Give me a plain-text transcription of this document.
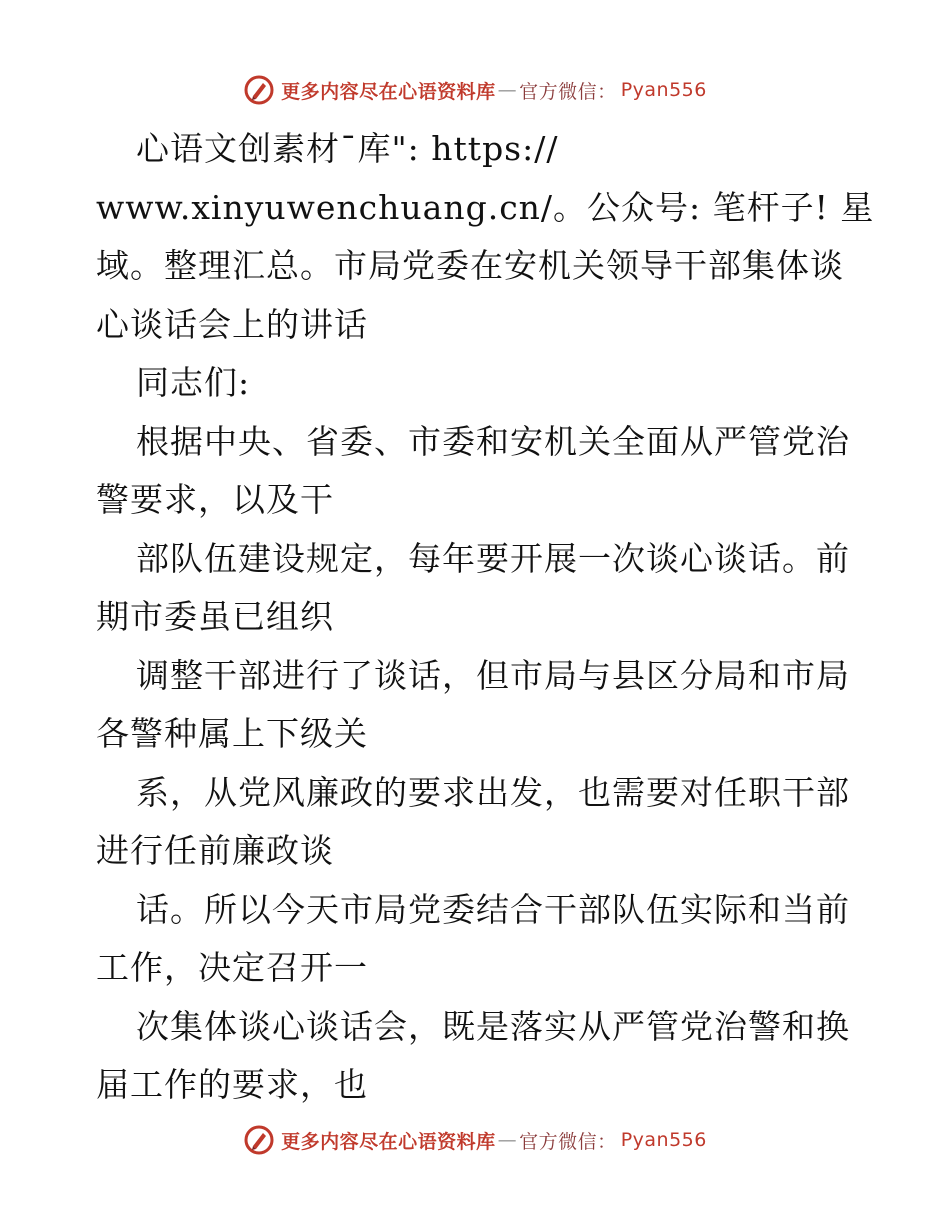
更多内容尽在心语资料库 — 官方微信： Pyan556
心语文创素材¯库": https://
www.xinyuwenchuang.cn/。公众号: 笔杆子! 星
域。整理汇总。市局党委在安机关领导干部集体谈
心谈话会上的讲话
同志们:
根据中央、省委、市委和安机关全面从严管党治
警要求，以及干
部队伍建设规定，每年要开展一次谈心谈话。前
期市委虽已组织
调整干部进行了谈话，但市局与县区分局和市局
各警种属上下级关
系，从党风廉政的要求出发，也需要对任职干部
进行任前廉政谈
话。所以今天市局党委结合干部队伍实际和当前
工作，决定召开一
次集体谈心谈话会，既是落实从严管党治警和换
届工作的要求，也
更多内容尽在心语资料库 — 官方微信： Pyan556
